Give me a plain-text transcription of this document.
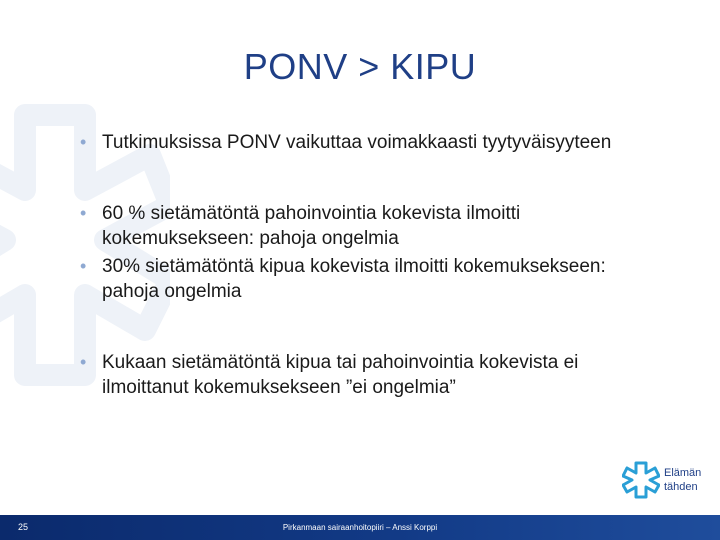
PONV > KIPU
• Tutkimuksissa PONV vaikuttaa voimakkaasti tyytyväisyyteen
• 60 % sietämätöntä pahoinvointia kokevista ilmoitti kokemuksekseen: pahoja ongelmia
• 30% sietämätöntä kipua kokevista ilmoitti kokemuksekseen: pahoja ongelmia
• Kukaan sietämätöntä kipua tai pahoinvointia kokevista ei ilmoittanut kokemuksekseen ”ei ongelmia”
Elämän
tähden
25	Pirkanmaan sairaanhoitopiiri – Anssi Korppi
